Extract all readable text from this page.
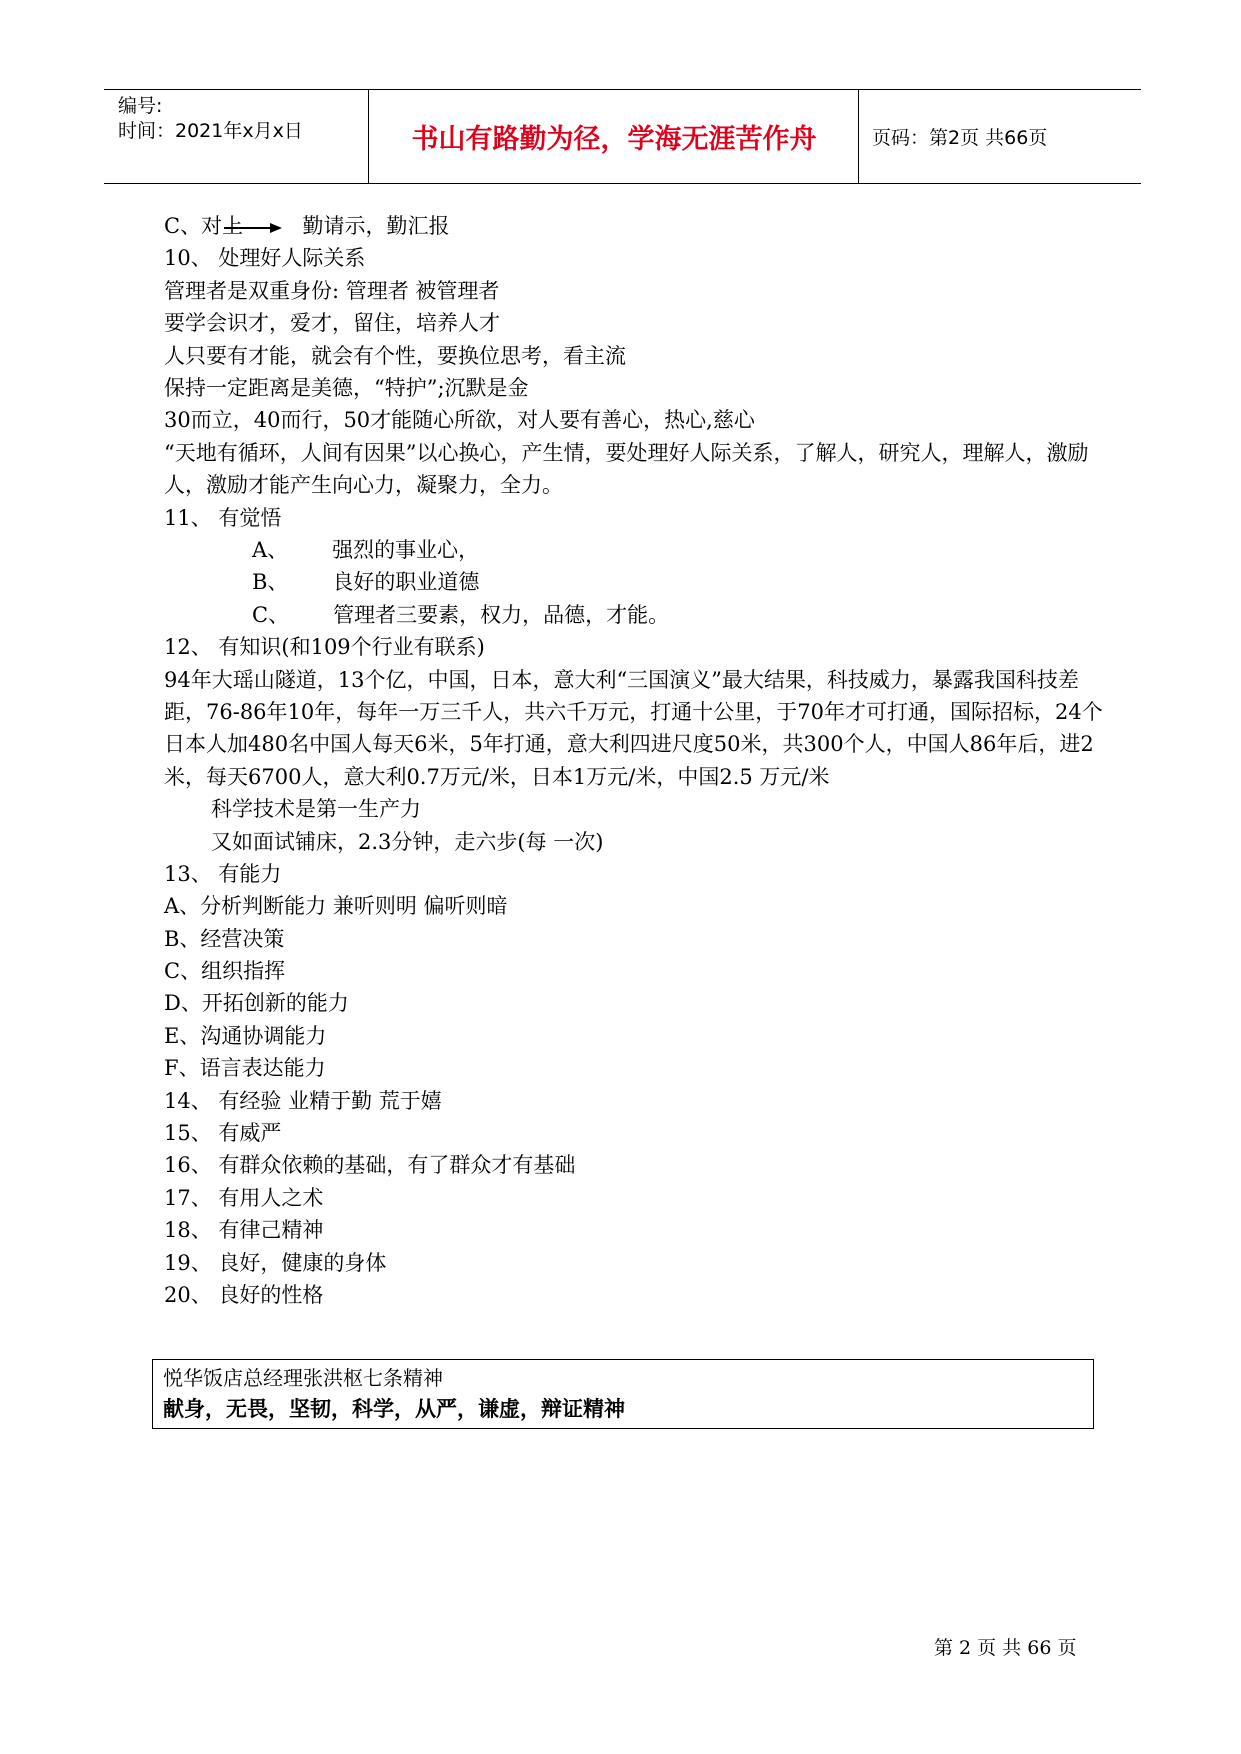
编号:
时间：2021年x月x日	书山有路勤为径，学海无涯苦作舟	页码：第2页 共66页
C、对上	勤请示，勤汇报
10、 处理好人际关系
管理者是双重身份: 管理者 被管理者
要学会识才，爱才，留住，培养人才
人只要有才能，就会有个性，要换位思考，看主流
保持一定距离是美德，“特护”;沉默是金
30而立，40而行，50才能随心所欲，对人要有善心，热心,慈心
“天地有循环，人间有因果”以心换心，产生情，要处理好人际关系，了解人，研究人，理解人，激励人，激励才能产生向心力，凝聚力，全力。
11、 有觉悟
A、 强烈的事业心，
B、 良好的职业道德
C、 管理者三要素，权力，品德，才能。
12、 有知识(和109个行业有联系)
94年大瑶山隧道，13个亿，中国，日本，意大利“三国演义”最大结果，科技威力，暴露我国科技差距，76-86年10年，每年一万三千人，共六千万元，打通十公里，于70年才可打通，国际招标，24个日本人加480名中国人每天6米，5年打通，意大利四进尺度50米，共300个人，中国人86年后，进2米，每天6700人，意大利0.7万元/米，日本1万元/米，中国2.5 万元/米
科学技术是第一生产力
又如面试铺床，2.3分钟，走六步(每 一次)
13、 有能力
A、分析判断能力 兼听则明 偏听则暗
B、经营决策
C、组织指挥
D、开拓创新的能力
E、沟通协调能力
F、语言表达能力
14、 有经验 业精于勤 荒于嬉
15、 有威严
16、 有群众依赖的基础，有了群众才有基础
17、 有用人之术
18、 有律己精神
19、 良好，健康的身体
20、 良好的性格
悦华饭店总经理张洪枢七条精神
献身，无畏，坚韧，科学，从严，谦虚，辩证精神
第 2 页 共 66 页
